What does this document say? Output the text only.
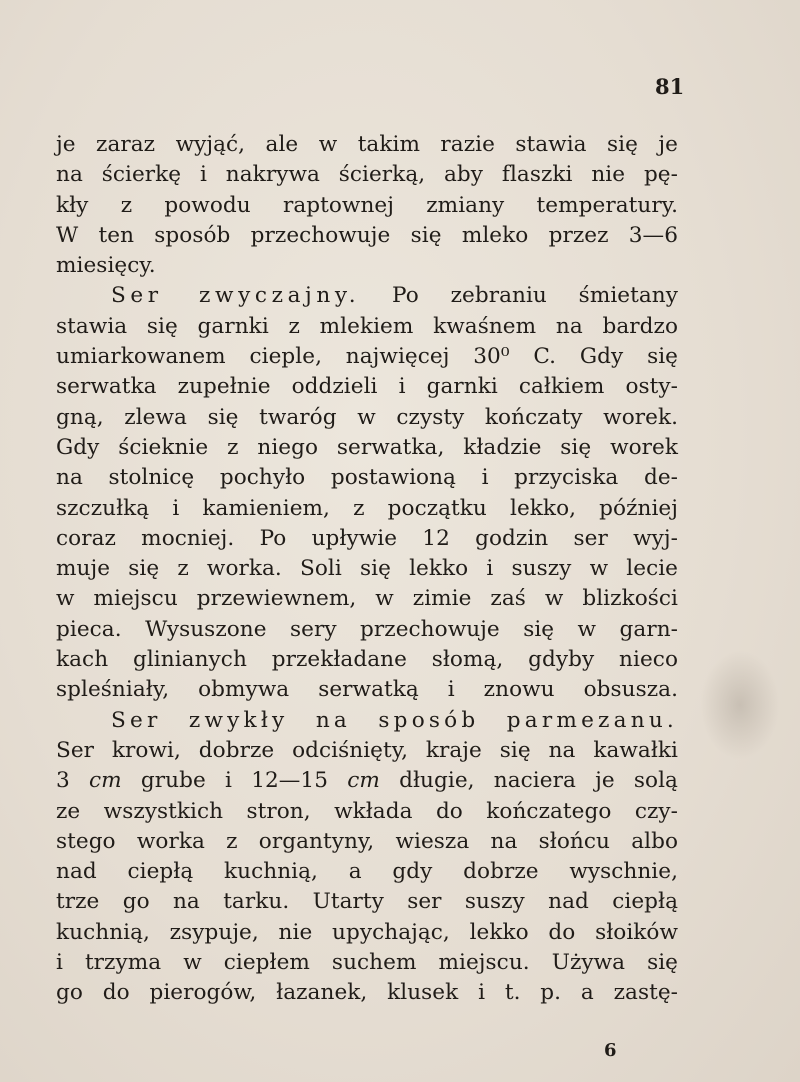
81
je zaraz wyjąć, ale w takim razie stawia się je
na ścierkę i nakrywa ścierką, aby flaszki nie pę-
kły z powodu raptownej zmiany temperatury.
W ten sposób przechowuje się mleko przez 3—6
miesięcy.
Ser zwyczajny. Po zebraniu śmietany
stawia się garnki z mlekiem kwaśnem na bardzo
umiarkowanem cieple, najwięcej 30⁰ C. Gdy się
serwatka zupełnie oddzieli i garnki całkiem osty-
gną, zlewa się twaróg w czysty kończaty worek.
Gdy ścieknie z niego serwatka, kładzie się worek
na stolnicę pochyło postawioną i przyciska de-
szczułką i kamieniem, z początku lekko, później
coraz mocniej. Po upływie 12 godzin ser wyj-
muje się z worka. Soli się lekko i suszy w lecie
w miejscu przewiewnem, w zimie zaś w blizkości
pieca. Wysuszone sery przechowuje się w garn-
kach glinianych przekładane słomą, gdyby nieco
spleśniały, obmywa serwatką i znowu obsusza.
Ser zwykły na sposób parmezanu.
Ser krowi, dobrze odciśnięty, kraje się na kawałki
3 cm grube i 12—15 cm długie, naciera je solą
ze wszystkich stron, wkłada do kończatego czy-
stego worka z organtyny, wiesza na słońcu albo
nad ciepłą kuchnią, a gdy dobrze wyschnie,
trze go na tarku. Utarty ser suszy nad ciepłą
kuchnią, zsypuje, nie upychając, lekko do słoików
i trzyma w ciepłem suchem miejscu. Używa się
go do pierogów, łazanek, klusek i t. p. a zastę-
6
